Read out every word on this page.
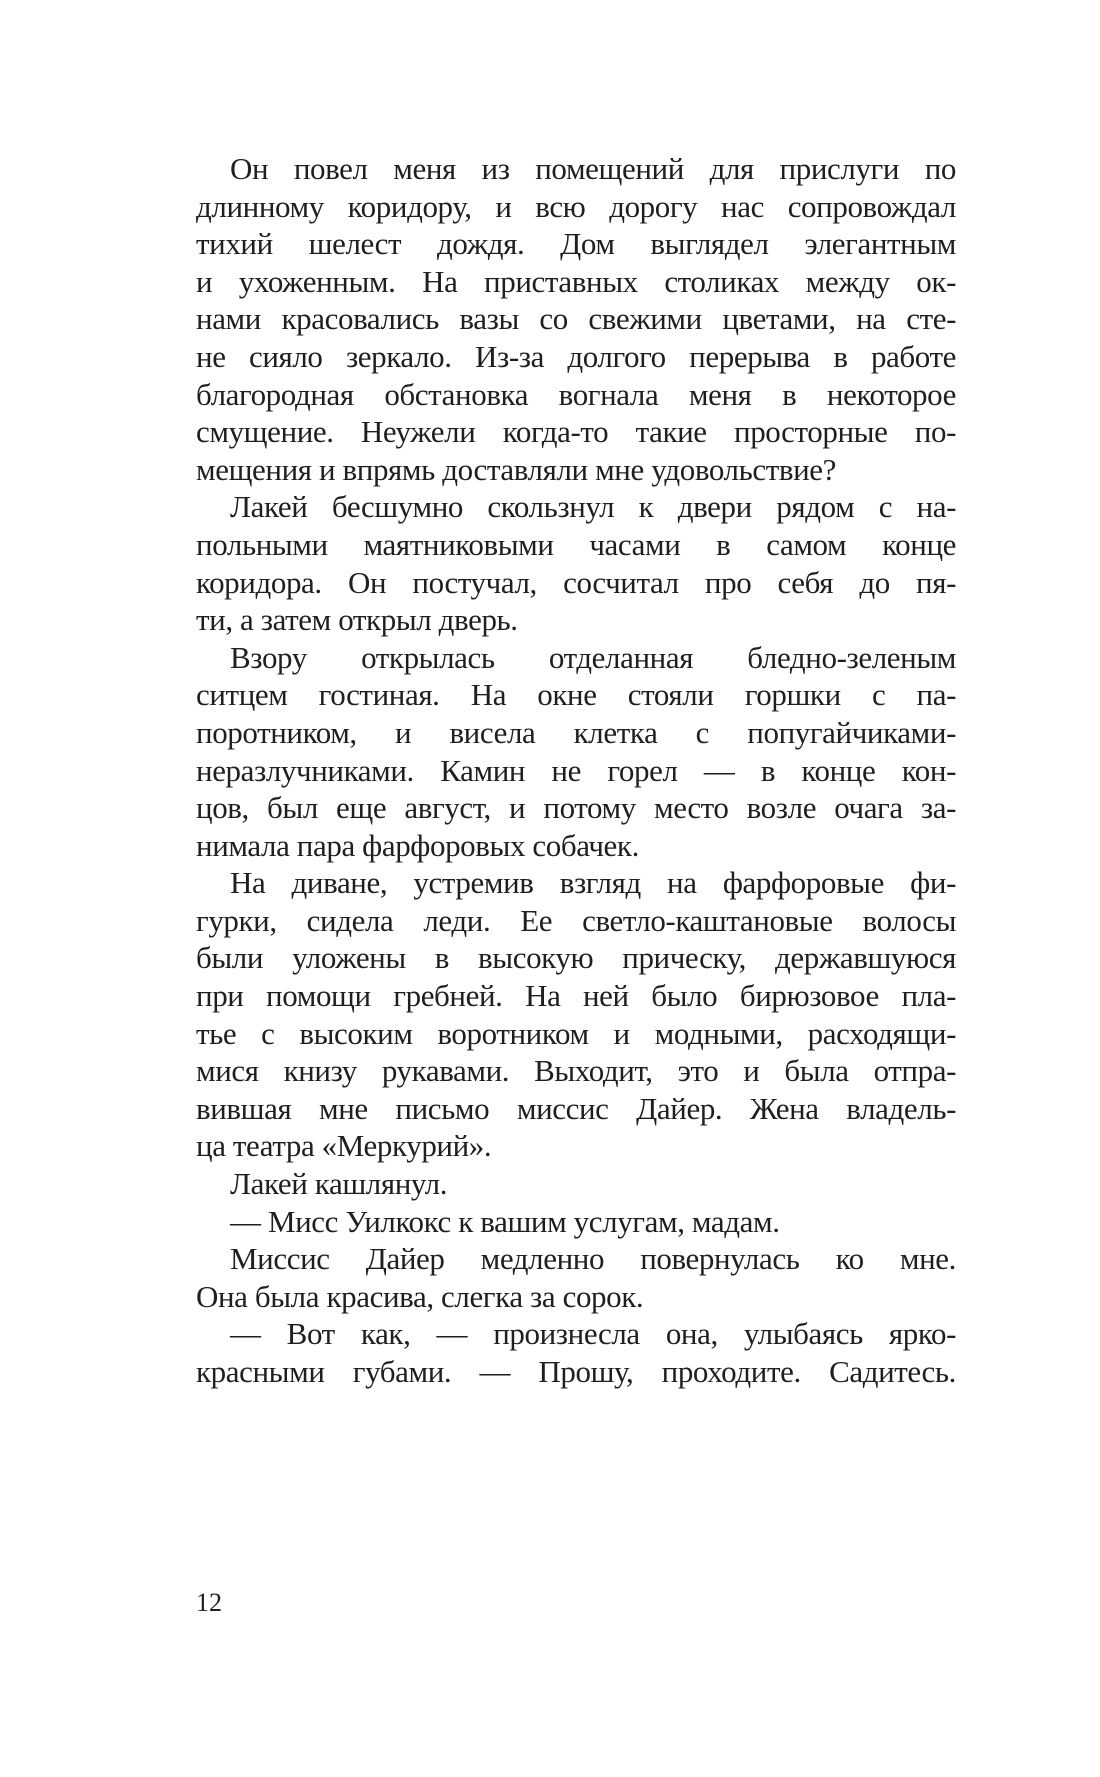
Он повел меня из помещений для прислуги по
длинному коридору, и всю дорогу нас сопровождал
тихий шелест дождя. Дом выглядел элегантным
и ухоженным. На приставных столиках между ок-
нами красовались вазы со свежими цветами, на сте-
не сияло зеркало. Из-за долгого перерыва в работе
благородная обстановка вогнала меня в некоторое
смущение. Неужели когда-то такие просторные по-
мещения и впрямь доставляли мне удовольствие?
Лакей бесшумно скользнул к двери рядом с на-
польными маятниковыми часами в самом конце
коридора. Он постучал, сосчитал про себя до пя-
ти, а затем открыл дверь.
Взору открылась отделанная бледно-зеленым
ситцем гостиная. На окне стояли горшки с па-
поротником, и висела клетка с попугайчиками-
неразлучниками. Камин не горел — в конце кон-
цов, был еще август, и потому место возле очага за-
нимала пара фарфоровых собачек.
На диване, устремив взгляд на фарфоровые фи-
гурки, сидела леди. Ее светло-каштановые волосы
были уложены в высокую прическу, державшуюся
при помощи гребней. На ней было бирюзовое пла-
тье с высоким воротником и модными, расходящи-
мися книзу рукавами. Выходит, это и была отпра-
вившая мне письмо миссис Дайер. Жена владель-
ца театра «Меркурий».
Лакей кашлянул.
— Мисс Уилкокс к вашим услугам, мадам.
Миссис Дайер медленно повернулась ко мне.
Она была красива, слегка за сорок.
— Вот как, — произнесла она, улыбаясь ярко-
красными губами. — Прошу, проходите. Садитесь.
12
